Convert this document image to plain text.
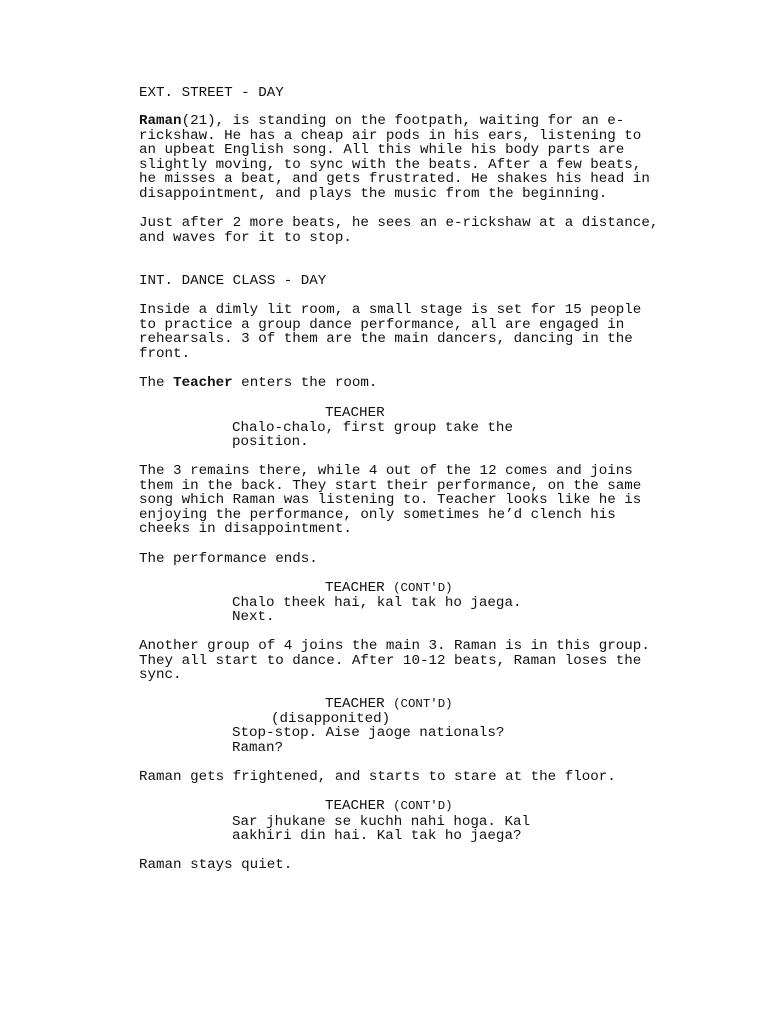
EXT. STREET - DAY
Raman(21), is standing on the footpath, waiting for an e-
rickshaw. He has a cheap air pods in his ears, listening to
an upbeat English song. All this while his body parts are
slightly moving, to sync with the beats. After a few beats,
he misses a beat, and gets frustrated. He shakes his head in
disappointment, and plays the music from the beginning.
Just after 2 more beats, he sees an e-rickshaw at a distance,
and waves for it to stop.
INT. DANCE CLASS - DAY
Inside a dimly lit room, a small stage is set for 15 people
to practice a group dance performance, all are engaged in
rehearsals. 3 of them are the main dancers, dancing in the
front.
The Teacher enters the room.
TEACHER
Chalo-chalo, first group take the
position.
The 3 remains there, while 4 out of the 12 comes and joins
them in the back. They start their performance, on the same
song which Raman was listening to. Teacher looks like he is
enjoying the performance, only sometimes he’d clench his
cheeks in disappointment.
The performance ends.
TEACHER (CONT'D)
Chalo theek hai, kal tak ho jaega.
Next.
Another group of 4 joins the main 3. Raman is in this group.
They all start to dance. After 10-12 beats, Raman loses the
sync.
TEACHER (CONT'D)
(disapponited)
Stop-stop. Aise jaoge nationals?
Raman?
Raman gets frightened, and starts to stare at the floor.
TEACHER (CONT'D)
Sar jhukane se kuchh nahi hoga. Kal
aakhiri din hai. Kal tak ho jaega?
Raman stays quiet.
